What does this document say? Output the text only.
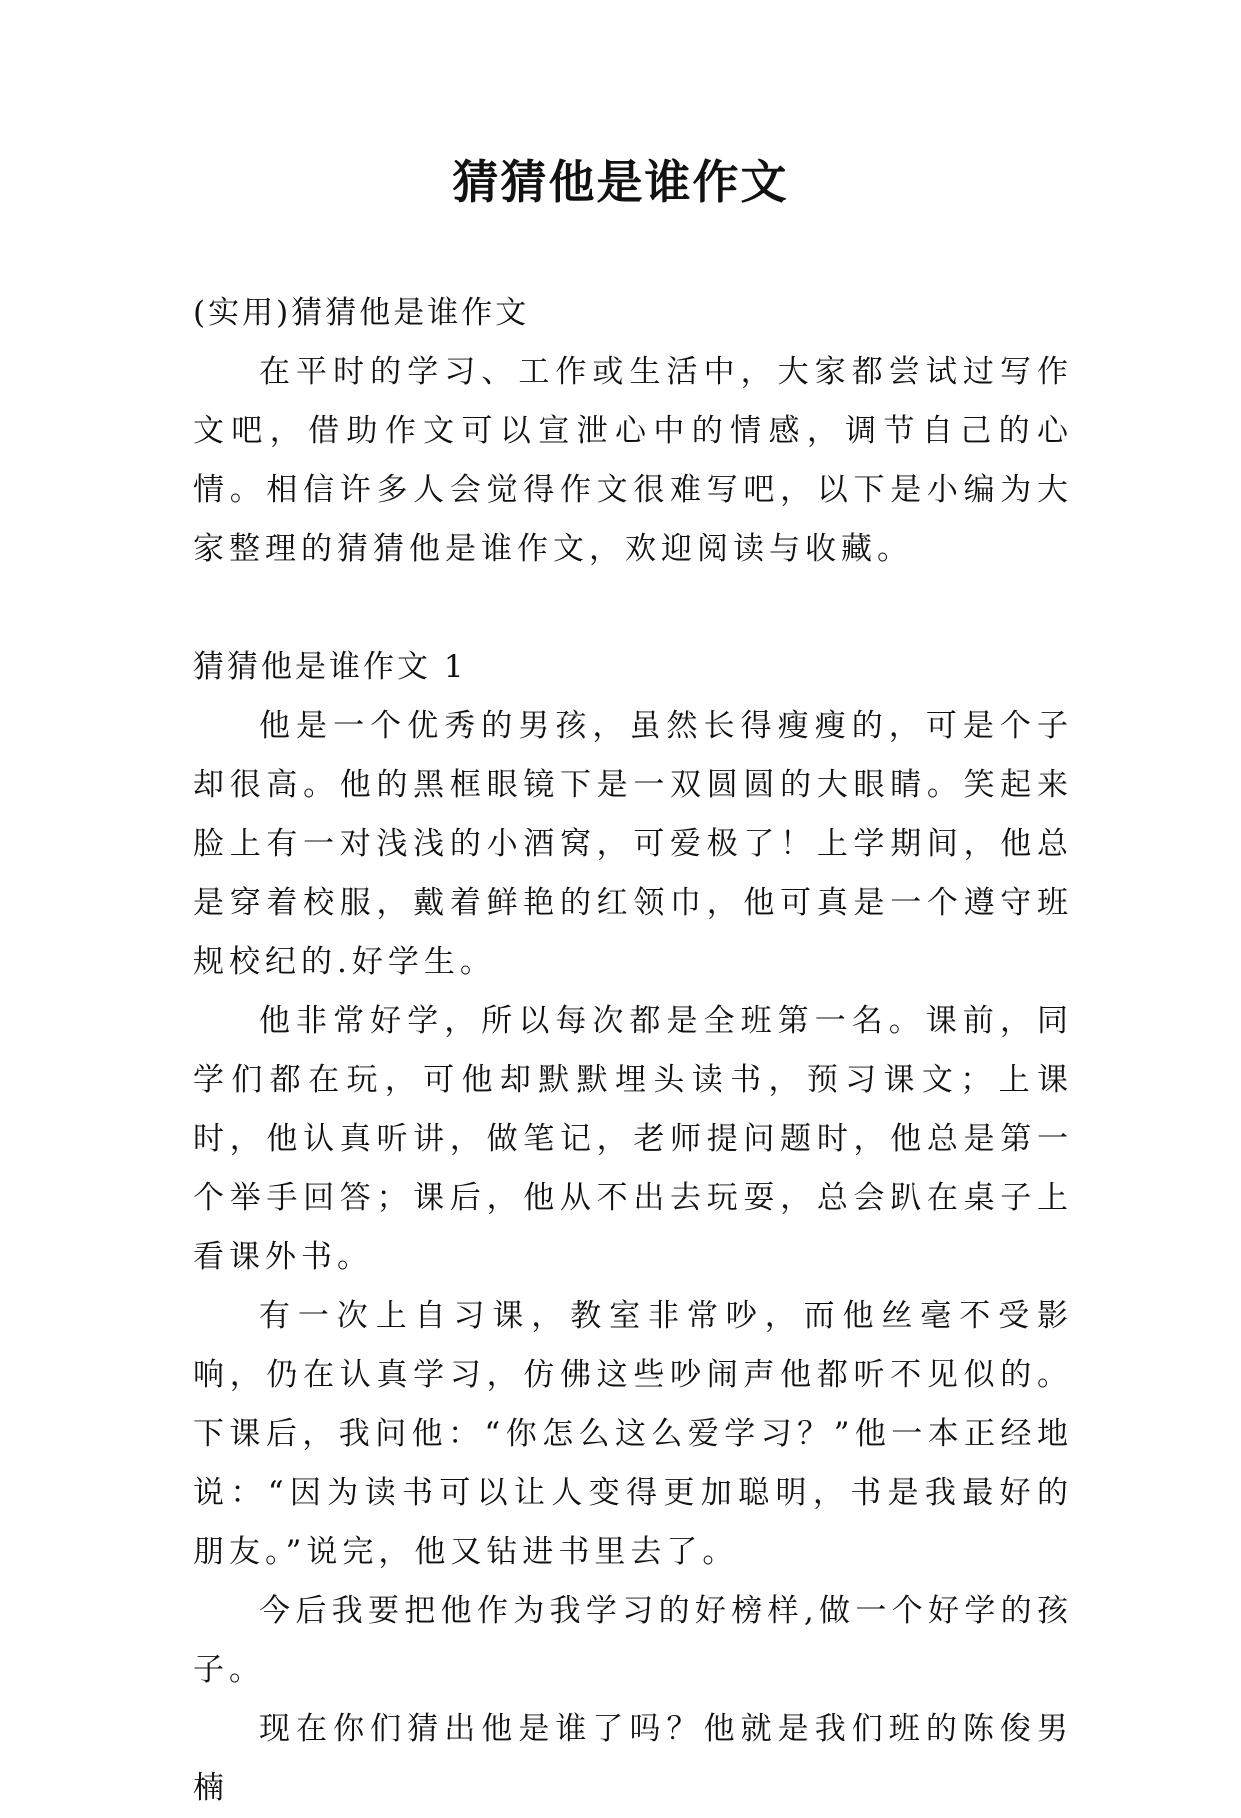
猜猜他是谁作文

(实用)猜猜他是谁作文

在平时的学习、工作或生活中，大家都尝试过写作文吧，借助作文可以宣泄心中的情感，调节自己的心情。相信许多人会觉得作文很难写吧，以下是小编为大家整理的猜猜他是谁作文，欢迎阅读与收藏。

猜猜他是谁作文 1

他是一个优秀的男孩，虽然长得瘦瘦的，可是个子却很高。他的黑框眼镜下是一双圆圆的大眼睛。笑起来脸上有一对浅浅的小酒窝，可爱极了！上学期间，他总是穿着校服，戴着鲜艳的红领巾，他可真是一个遵守班规校纪的.好学生。

他非常好学，所以每次都是全班第一名。课前，同学们都在玩，可他却默默埋头读书，预习课文；上课时，他认真听讲，做笔记，老师提问题时，他总是第一个举手回答；课后，他从不出去玩耍，总会趴在桌子上看课外书。

有一次上自习课，教室非常吵，而他丝毫不受影响，仍在认真学习，仿佛这些吵闹声他都听不见似的。下课后，我问他：“你怎么这么爱学习？”他一本正经地说：“因为读书可以让人变得更加聪明，书是我最好的朋友。”说完，他又钻进书里去了。

今后我要把他作为我学习的好榜样,做一个好学的孩子。

现在你们猜出他是谁了吗？他就是我们班的陈俊男楠
